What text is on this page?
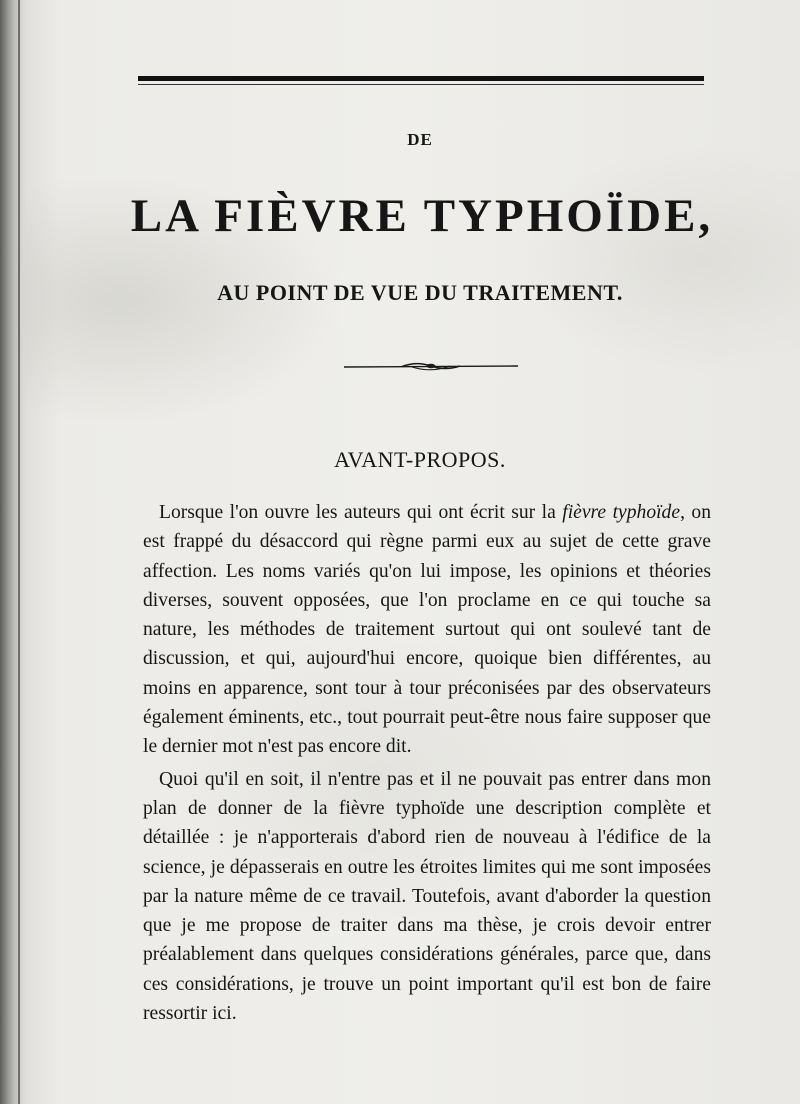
DE
LA FIÈVRE TYPHOÏDE,
AU POINT DE VUE DU TRAITEMENT.
AVANT-PROPOS.

Lorsque l'on ouvre les auteurs qui ont écrit sur la fièvre typhoïde, on est frappé du désaccord qui règne parmi eux au sujet de cette grave affection. Les noms variés qu'on lui impose, les opinions et théories diverses, souvent opposées, que l'on proclame en ce qui touche sa nature, les méthodes de traitement surtout qui ont soulevé tant de discussion, et qui, aujourd'hui encore, quoique bien différentes, au moins en apparence, sont tour à tour préconisées par des observateurs également éminents, etc., tout pourrait peut-être nous faire supposer que le dernier mot n'est pas encore dit.

Quoi qu'il en soit, il n'entre pas et il ne pouvait pas entrer dans mon plan de donner de la fièvre typhoïde une description complète et détaillée : je n'apporterais d'abord rien de nouveau à l'édifice de la science, je dépasserais en outre les étroites limites qui me sont imposées par la nature même de ce travail. Toutefois, avant d'aborder la question que je me propose de traiter dans ma thèse, je crois devoir entrer préalablement dans quelques considérations générales, parce que, dans ces considérations, je trouve un point important qu'il est bon de faire ressortir ici.
